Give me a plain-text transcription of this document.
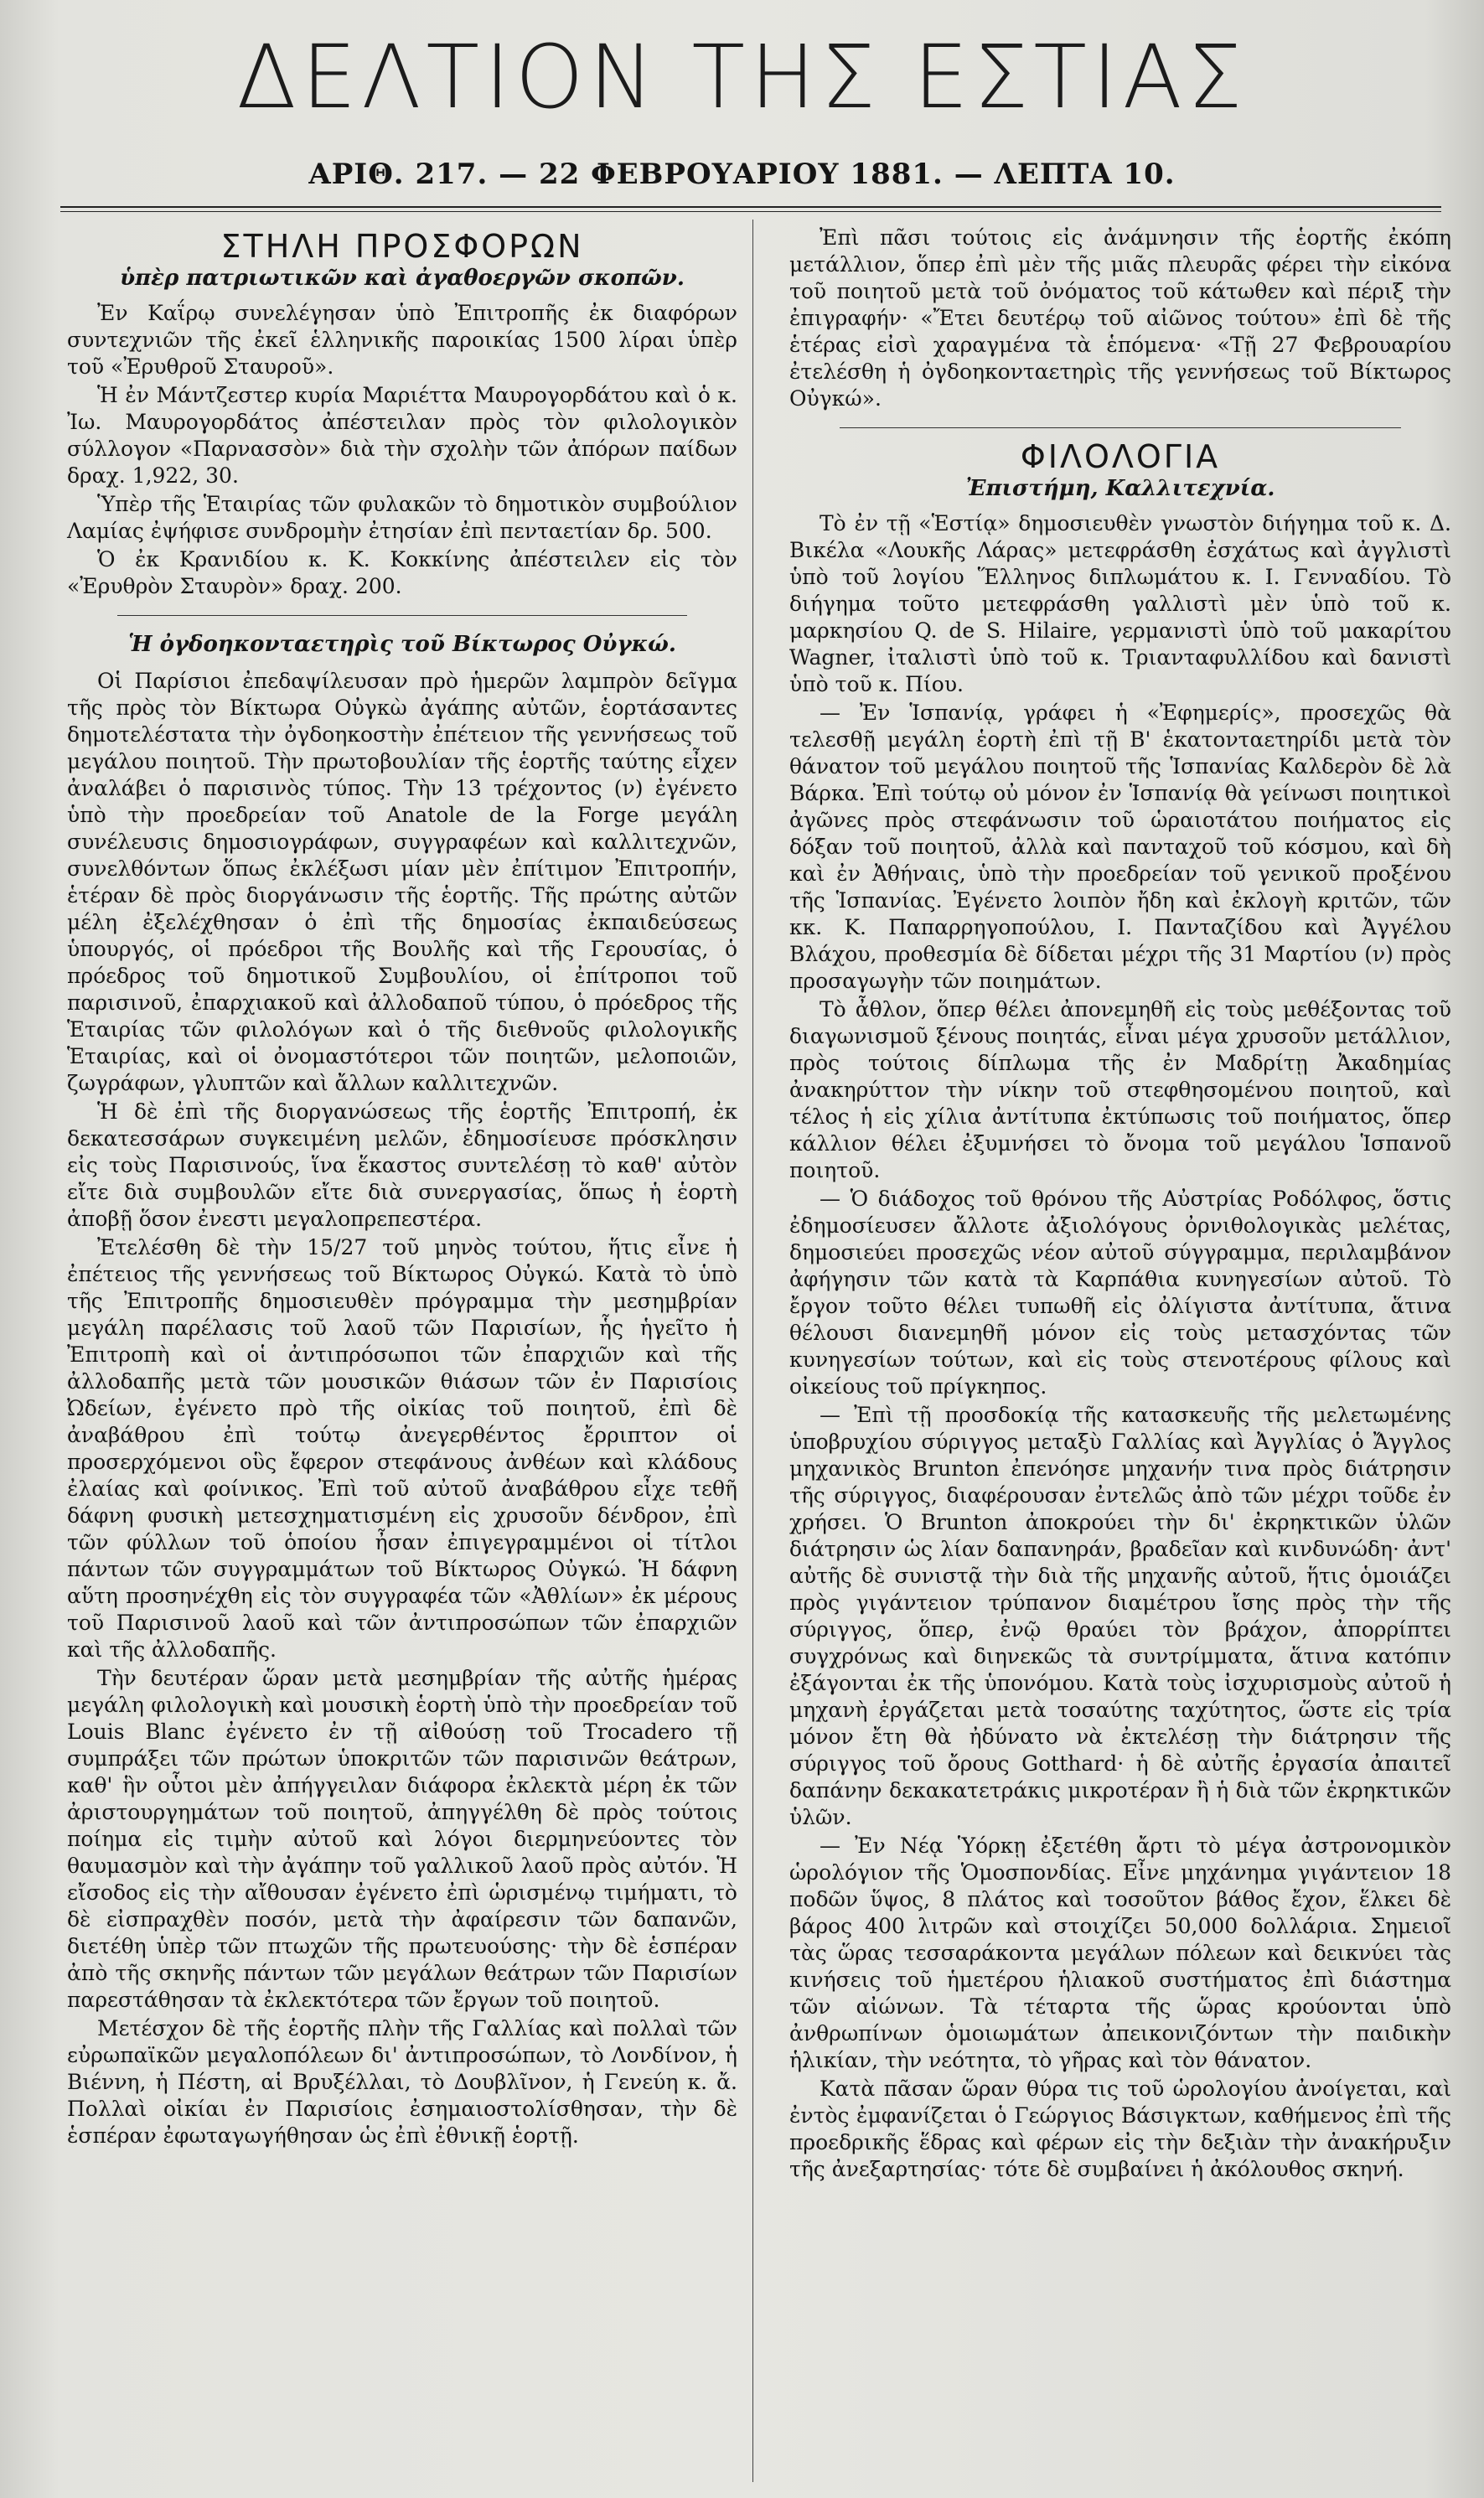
ΔΕΛΤΙΟΝ ΤΗΣ ΕΣΤΙΑΣ
ΑΡΙΘ. 217. — 22 ΦΕΒΡΟΥΑΡΙΟΥ 1881. — ΛΕΠΤΑ 10.
ΣΤΗΛΗ ΠΡΟΣΦΟΡΩΝ
ὑπὲρ πατριωτικῶν καὶ ἀγαθοεργῶν σκοπῶν.

Ἐν Καΐρῳ συνελέγησαν ὑπὸ Ἐπιτροπῆς ἐκ διαφόρων συντεχνιῶν τῆς ἐκεῖ ἑλληνικῆς παροικίας 1500 λίραι ὑπὲρ τοῦ «Ἐρυθροῦ Σταυροῦ».

Ἡ ἐν Μάντζεστερ κυρία Μαριέττα Μαυρογορδάτου καὶ ὁ κ. Ἰω. Μαυρογορδάτος ἀπέστειλαν πρὸς τὸν φιλολογικὸν σύλλογον «Παρνασσὸν» διὰ τὴν σχολὴν τῶν ἀπόρων παίδων δραχ. 1,922, 30.

Ὑπὲρ τῆς Ἑταιρίας τῶν φυλακῶν τὸ δημοτικὸν συμβούλιον Λαμίας ἐψήφισε συνδρομὴν ἐτησίαν ἐπὶ πενταετίαν δρ. 500.

Ὁ ἐκ Κρανιδίου κ. Κ. Κοκκίνης ἀπέστειλεν εἰς τὸν «Ἐρυθρὸν Σταυρὸν» δραχ. 200.

Ἡ ὀγδοηκονταετηρὶς τοῦ Βίκτωρος Οὐγκώ.

Οἱ Παρίσιοι ἐπεδαψίλευσαν πρὸ ἡμερῶν λαμπρὸν δεῖγμα τῆς πρὸς τὸν Βίκτωρα Οὐγκὼ ἀγάπης αὐτῶν, ἑορτάσαντες δημοτελέστατα τὴν ὀγδοηκοστὴν ἐπέτειον τῆς γεννήσεως τοῦ μεγάλου ποιητοῦ. Τὴν πρωτοβουλίαν τῆς ἑορτῆς ταύτης εἶχεν ἀναλάβει ὁ παρισινὸς τύπος. Τὴν 13 τρέχοντος (ν) ἐγένετο ὑπὸ τὴν προεδρείαν τοῦ Anatole de la Forge μεγάλη συνέλευσις δημοσιογράφων, συγγραφέων καὶ καλλιτεχνῶν, συνελθόντων ὅπως ἐκλέξωσι μίαν μὲν ἐπίτιμον Ἐπιτροπήν, ἑτέραν δὲ πρὸς διοργάνωσιν τῆς ἑορτῆς. Τῆς πρώτης αὐτῶν μέλη ἐξελέχθησαν ὁ ἐπὶ τῆς δημοσίας ἐκπαιδεύσεως ὑπουργός, οἱ πρόεδροι τῆς Βουλῆς καὶ τῆς Γερουσίας, ὁ πρόεδρος τοῦ δημοτικοῦ Συμβουλίου, οἱ ἐπίτροποι τοῦ παρισινοῦ, ἐπαρχιακοῦ καὶ ἀλλοδαποῦ τύπου, ὁ πρόεδρος τῆς Ἑταιρίας τῶν φιλολόγων καὶ ὁ τῆς διεθνοῦς φιλολογικῆς Ἑταιρίας, καὶ οἱ ὀνομαστότεροι τῶν ποιητῶν, μελοποιῶν, ζωγράφων, γλυπτῶν καὶ ἄλλων καλλιτεχνῶν.

Ἡ δὲ ἐπὶ τῆς διοργανώσεως τῆς ἑορτῆς Ἐπιτροπή, ἐκ δεκατεσσάρων συγκειμένη μελῶν, ἐδημοσίευσε πρόσκλησιν εἰς τοὺς Παρισινούς, ἵνα ἕκαστος συντελέσῃ τὸ καθ' αὐτὸν εἴτε διὰ συμβουλῶν εἴτε διὰ συνεργασίας, ὅπως ἡ ἑορτὴ ἀποβῇ ὅσον ἐνεστι μεγαλοπρεπεστέρα.

Ἐτελέσθη δὲ τὴν 15/27 τοῦ μηνὸς τούτου, ἥτις εἶνε ἡ ἐπέτειος τῆς γεννήσεως τοῦ Βίκτωρος Οὐγκώ. Κατὰ τὸ ὑπὸ τῆς Ἐπιτροπῆς δημοσιευθὲν πρόγραμμα τὴν μεσημβρίαν μεγάλη παρέλασις τοῦ λαοῦ τῶν Παρισίων, ἧς ἡγεῖτο ἡ Ἐπιτροπὴ καὶ οἱ ἀντιπρόσωποι τῶν ἐπαρχιῶν καὶ τῆς ἀλλοδαπῆς μετὰ τῶν μουσικῶν θιάσων τῶν ἐν Παρισίοις Ὠδείων, ἐγένετο πρὸ τῆς οἰκίας τοῦ ποιητοῦ, ἐπὶ δὲ ἀναβάθρου ἐπὶ τούτῳ ἀνεγερθέντος ἔρριπτον οἱ προσερχόμενοι οὓς ἔφερον στεφάνους ἀνθέων καὶ κλάδους ἐλαίας καὶ φοίνικος. Ἐπὶ τοῦ αὐτοῦ ἀναβάθρου εἶχε τεθῆ δάφνη φυσικὴ μετεσχηματισμένη εἰς χρυσοῦν δένδρον, ἐπὶ τῶν φύλλων τοῦ ὁποίου ἦσαν ἐπιγεγραμμένοι οἱ τίτλοι πάντων τῶν συγγραμμάτων τοῦ Βίκτωρος Οὐγκώ. Ἡ δάφνη αὕτη προσηνέχθη εἰς τὸν συγγραφέα τῶν «Ἀθλίων» ἐκ μέρους τοῦ Παρισινοῦ λαοῦ καὶ τῶν ἀντιπροσώπων τῶν ἐπαρχιῶν καὶ τῆς ἀλλοδαπῆς.

Τὴν δευτέραν ὥραν μετὰ μεσημβρίαν τῆς αὐτῆς ἡμέρας μεγάλη φιλολογικὴ καὶ μουσικὴ ἑορτὴ ὑπὸ τὴν προεδρείαν τοῦ Louis Blanc ἐγένετο ἐν τῇ αἰθούσῃ τοῦ Trocadero τῇ συμπράξει τῶν πρώτων ὑποκριτῶν τῶν παρισινῶν θεάτρων, καθ' ἣν οὗτοι μὲν ἀπήγγειλαν διάφορα ἐκλεκτὰ μέρη ἐκ τῶν ἀριστουργημάτων τοῦ ποιητοῦ, ἀπηγγέλθη δὲ πρὸς τούτοις ποίημα εἰς τιμὴν αὐτοῦ καὶ λόγοι διερμηνεύοντες τὸν θαυμασμὸν καὶ τὴν ἀγάπην τοῦ γαλλικοῦ λαοῦ πρὸς αὐτόν. Ἡ εἴσοδος εἰς τὴν αἴθουσαν ἐγένετο ἐπὶ ὡρισμένῳ τιμήματι, τὸ δὲ εἰσπραχθὲν ποσόν, μετὰ τὴν ἀφαίρεσιν τῶν δαπανῶν, διετέθη ὑπὲρ τῶν πτωχῶν τῆς πρωτευούσης· τὴν δὲ ἑσπέραν ἀπὸ τῆς σκηνῆς πάντων τῶν μεγάλων θεάτρων τῶν Παρισίων παρεστάθησαν τὰ ἐκλεκτότερα τῶν ἔργων τοῦ ποιητοῦ.

Μετέσχον δὲ τῆς ἑορτῆς πλὴν τῆς Γαλλίας καὶ πολλαὶ τῶν εὐρωπαϊκῶν μεγαλοπόλεων δι' ἀντιπροσώπων, τὸ Λονδίνον, ἡ Βιέννη, ἡ Πέστη, αἱ Βρυξέλλαι, τὸ Δουβλῖνον, ἡ Γενεύη κ. ἄ. Πολλαὶ οἰκίαι ἐν Παρισίοις ἐσημαιοστολίσθησαν, τὴν δὲ ἑσπέραν ἐφωταγωγήθησαν ὡς ἐπὶ ἐθνικῇ ἑορτῇ.

Ἐπὶ πᾶσι τούτοις εἰς ἀνάμνησιν τῆς ἑορτῆς ἐκόπη μετάλλιον, ὅπερ ἐπὶ μὲν τῆς μιᾶς πλευρᾶς φέρει τὴν εἰκόνα τοῦ ποιητοῦ μετὰ τοῦ ὀνόματος τοῦ κάτωθεν καὶ πέριξ τὴν ἐπιγραφήν· «Ἔτει δευτέρῳ τοῦ αἰῶνος τούτου» ἐπὶ δὲ τῆς ἑτέρας εἰσὶ χαραγμένα τὰ ἑπόμενα· «Τῇ 27 Φεβρουαρίου ἐτελέσθη ἡ ὀγδοηκονταετηρὶς τῆς γεννήσεως τοῦ Βίκτωρος Οὐγκώ».

ΦΙΛΟΛΟΓΙΑ
Ἐπιστήμη, Καλλιτεχνία.

Τὸ ἐν τῇ «Ἑστίᾳ» δημοσιευθὲν γνωστὸν διήγημα τοῦ κ. Δ. Βικέλα «Λουκῆς Λάρας» μετεφράσθη ἐσχάτως καὶ ἀγγλιστὶ ὑπὸ τοῦ λογίου Ἕλληνος διπλωμάτου κ. Ι. Γενναδίου. Τὸ διήγημα τοῦτο μετεφράσθη γαλλιστὶ μὲν ὑπὸ τοῦ κ. μαρκησίου Q. de S. Hilaire, γερμανιστὶ ὑπὸ τοῦ μακαρίτου Wagner, ἰταλιστὶ ὑπὸ τοῦ κ. Τριανταφυλλίδου καὶ δανιστὶ ὑπὸ τοῦ κ. Πίου.

— Ἐν Ἱσπανίᾳ, γράφει ἡ «Ἐφημερίς», προσεχῶς θὰ τελεσθῇ μεγάλη ἑορτὴ ἐπὶ τῇ Β' ἑκατονταετηρίδι μετὰ τὸν θάνατον τοῦ μεγάλου ποιητοῦ τῆς Ἱσπανίας Καλδερὸν δὲ λὰ Βάρκα. Ἐπὶ τούτῳ οὐ μόνον ἐν Ἱσπανίᾳ θὰ γείνωσι ποιητικοὶ ἀγῶνες πρὸς στεφάνωσιν τοῦ ὡραιοτάτου ποιήματος εἰς δόξαν τοῦ ποιητοῦ, ἀλλὰ καὶ πανταχοῦ τοῦ κόσμου, καὶ δὴ καὶ ἐν Ἀθήναις, ὑπὸ τὴν προεδρείαν τοῦ γενικοῦ προξένου τῆς Ἱσπανίας. Ἐγένετο λοιπὸν ἤδη καὶ ἐκλογὴ κριτῶν, τῶν κκ. Κ. Παπαρρηγοπούλου, Ι. Πανταζίδου καὶ Ἀγγέλου Βλάχου, προθεσμία δὲ δίδεται μέχρι τῆς 31 Μαρτίου (ν) πρὸς προσαγωγὴν τῶν ποιημάτων.

Τὸ ἆθλον, ὅπερ θέλει ἀπονεμηθῆ εἰς τοὺς μεθέξοντας τοῦ διαγωνισμοῦ ξένους ποιητάς, εἶναι μέγα χρυσοῦν μετάλλιον, πρὸς τούτοις δίπλωμα τῆς ἐν Μαδρίτῃ Ἀκαδημίας ἀνακηρύττον τὴν νίκην τοῦ στεφθησομένου ποιητοῦ, καὶ τέλος ἡ εἰς χίλια ἀντίτυπα ἐκτύπωσις τοῦ ποιήματος, ὅπερ κάλλιον θέλει ἐξυμνήσει τὸ ὄνομα τοῦ μεγάλου Ἱσπανοῦ ποιητοῦ.

— Ὁ διάδοχος τοῦ θρόνου τῆς Αὐστρίας Ροδόλφος, ὅστις ἐδημοσίευσεν ἄλλοτε ἀξιολόγους ὀρνιθολογικὰς μελέτας, δημοσιεύει προσεχῶς νέον αὐτοῦ σύγγραμμα, περιλαμβάνον ἀφήγησιν τῶν κατὰ τὰ Καρπάθια κυνηγεσίων αὐτοῦ. Τὸ ἔργον τοῦτο θέλει τυπωθῆ εἰς ὀλίγιστα ἀντίτυπα, ἅτινα θέλουσι διανεμηθῆ μόνον εἰς τοὺς μετασχόντας τῶν κυνηγεσίων τούτων, καὶ εἰς τοὺς στενοτέρους φίλους καὶ οἰκείους τοῦ πρίγκηπος.

— Ἐπὶ τῇ προσδοκίᾳ τῆς κατασκευῆς τῆς μελετωμένης ὑποβρυχίου σύριγγος μεταξὺ Γαλλίας καὶ Ἀγγλίας ὁ Ἄγγλος μηχανικὸς Brunton ἐπενόησε μηχανήν τινα πρὸς διάτρησιν τῆς σύριγγος, διαφέρουσαν ἐντελῶς ἀπὸ τῶν μέχρι τοῦδε ἐν χρήσει. Ὁ Brunton ἀποκρούει τὴν δι' ἐκρηκτικῶν ὑλῶν διάτρησιν ὡς λίαν δαπανηράν, βραδεῖαν καὶ κινδυνώδη· ἀντ' αὐτῆς δὲ συνιστᾷ τὴν διὰ τῆς μηχανῆς αὐτοῦ, ἥτις ὁμοιάζει πρὸς γιγάντειον τρύπανον διαμέτρου ἴσης πρὸς τὴν τῆς σύριγγος, ὅπερ, ἐνῷ θραύει τὸν βράχον, ἀπορρίπτει συγχρόνως καὶ διηνεκῶς τὰ συντρίμματα, ἅτινα κατόπιν ἐξάγονται ἐκ τῆς ὑπονόμου. Κατὰ τοὺς ἰσχυρισμοὺς αὐτοῦ ἡ μηχανὴ ἐργάζεται μετὰ τοσαύτης ταχύτητος, ὥστε εἰς τρία μόνον ἔτη θὰ ἠδύνατο νὰ ἐκτελέσῃ τὴν διάτρησιν τῆς σύριγγος τοῦ ὄρους Gotthard· ἡ δὲ αὐτῆς ἐργασία ἀπαιτεῖ δαπάνην δεκακατετράκις μικροτέραν ἢ ἡ διὰ τῶν ἐκρηκτικῶν ὑλῶν.

— Ἐν Νέᾳ Ὑόρκῃ ἐξετέθη ἄρτι τὸ μέγα ἀστρονομικὸν ὡρολόγιον τῆς Ὁμοσπονδίας. Εἶνε μηχάνημα γιγάντειον 18 ποδῶν ὕψος, 8 πλάτος καὶ τοσοῦτον βάθος ἔχον, ἕλκει δὲ βάρος 400 λιτρῶν καὶ στοιχίζει 50,000 δολλάρια. Σημειοῖ τὰς ὥρας τεσσαράκοντα μεγάλων πόλεων καὶ δεικνύει τὰς κινήσεις τοῦ ἡμετέρου ἡλιακοῦ συστήματος ἐπὶ διάστημα τῶν αἰώνων. Τὰ τέταρτα τῆς ὥρας κρούονται ὑπὸ ἀνθρωπίνων ὁμοιωμάτων ἀπεικονιζόντων τὴν παιδικὴν ἡλικίαν, τὴν νεότητα, τὸ γῆρας καὶ τὸν θάνατον.

Κατὰ πᾶσαν ὥραν θύρα τις τοῦ ὡρολογίου ἀνοίγεται, καὶ ἐντὸς ἐμφανίζεται ὁ Γεώργιος Βάσιγκτων, καθήμενος ἐπὶ τῆς προεδρικῆς ἕδρας καὶ φέρων εἰς τὴν δεξιὰν τὴν ἀνακήρυξιν τῆς ἀνεξαρτησίας· τότε δὲ συμβαίνει ἡ ἀκόλουθος σκηνή.
